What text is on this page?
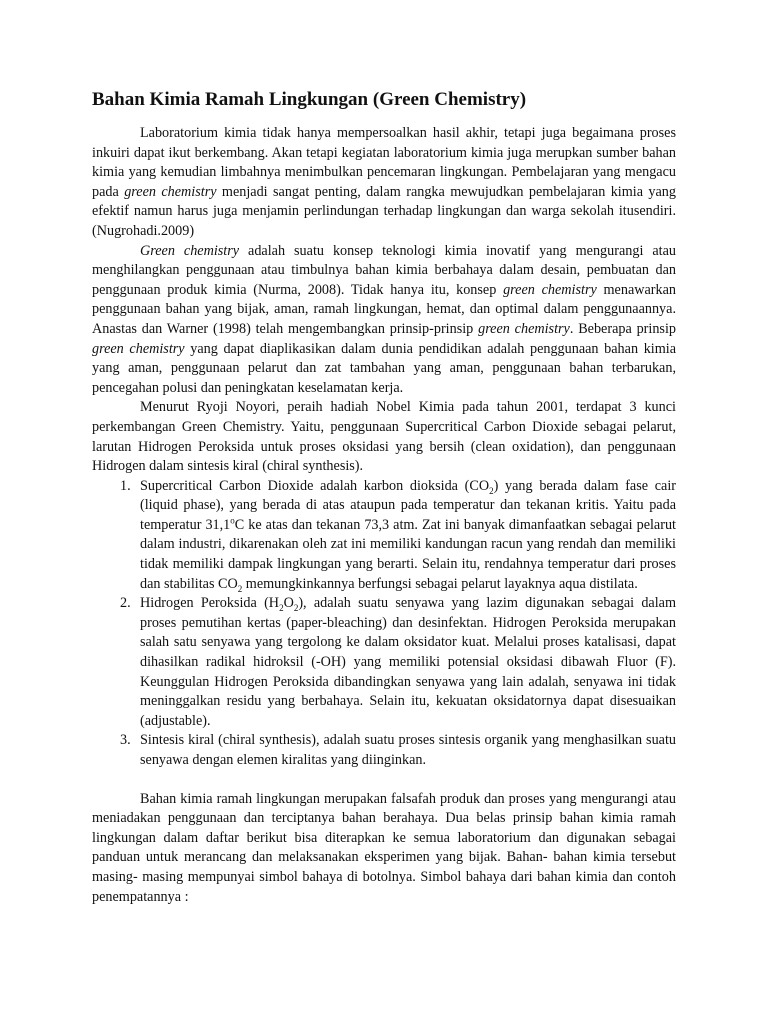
Bahan Kimia Ramah Lingkungan (Green Chemistry)

Laboratorium kimia tidak hanya mempersoalkan hasil akhir, tetapi juga begaimana proses inkuiri dapat ikut berkembang. Akan tetapi kegiatan laboratorium kimia juga merupkan sumber bahan kimia yang kemudian limbahnya menimbulkan pencemaran lingkungan. Pembelajaran yang mengacu pada green chemistry menjadi sangat penting, dalam rangka mewujudkan pembelajaran kimia yang efektif namun harus juga menjamin perlindungan terhadap lingkungan dan warga sekolah itusendiri. (Nugrohadi.2009)

Green chemistry adalah suatu konsep teknologi kimia inovatif yang mengurangi atau menghilangkan penggunaan atau timbulnya bahan kimia berbahaya dalam desain, pembuatan dan penggunaan produk kimia (Nurma, 2008). Tidak hanya itu, konsep green chemistry menawarkan penggunaan bahan yang bijak, aman, ramah lingkungan, hemat, dan optimal dalam penggunaannya. Anastas dan Warner (1998) telah mengembangkan prinsip-prinsip green chemistry. Beberapa prinsip green chemistry yang dapat diaplikasikan dalam dunia pendidikan adalah penggunaan bahan kimia yang aman, penggunaan pelarut dan zat tambahan yang aman, penggunaan bahan terbarukan, pencegahan polusi dan peningkatan keselamatan kerja.

Menurut Ryoji Noyori, peraih hadiah Nobel Kimia pada tahun 2001, terdapat 3 kunci perkembangan Green Chemistry. Yaitu, penggunaan Supercritical Carbon Dioxide sebagai pelarut, larutan Hidrogen Peroksida untuk proses oksidasi yang bersih (clean oxidation), dan penggunaan Hidrogen dalam sintesis kiral (chiral synthesis).

1. Supercritical Carbon Dioxide adalah karbon dioksida $(CO_2)$ yang berada dalam fase cair (liquid phase), yang berada di atas ataupun pada temperatur dan tekanan kritis. Yaitu pada temperatur 31,1$^o$C ke atas dan tekanan 73,3 atm. Zat ini banyak dimanfaatkan sebagai pelarut dalam industri, dikarenakan oleh zat ini memiliki kandungan racun yang rendah dan memiliki tidak memiliki dampak lingkungan yang berarti. Selain itu, rendahnya temperatur dari proses dan stabilitas $CO_2$ memungkinkannya berfungsi sebagai pelarut layaknya aqua distilata.
2. Hidrogen Peroksida $(H_2O_2)$, adalah suatu senyawa yang lazim digunakan sebagai dalam proses pemutihan kertas (paper-bleaching) dan desinfektan. Hidrogen Peroksida merupakan salah satu senyawa yang tergolong ke dalam oksidator kuat. Melalui proses katalisasi, dapat dihasilkan radikal hidroksil (-OH) yang memiliki potensial oksidasi dibawah Fluor (F). Keunggulan Hidrogen Peroksida dibandingkan senyawa yang lain adalah, senyawa ini tidak meninggalkan residu yang berbahaya. Selain itu, kekuatan oksidatornya dapat disesuaikan (adjustable).
3. Sintesis kiral (chiral synthesis), adalah suatu proses sintesis organik yang menghasilkan suatu senyawa dengan elemen kiralitas yang diinginkan.

Bahan kimia ramah lingkungan merupakan falsafah produk dan proses yang mengurangi atau meniadakan penggunaan dan terciptanya bahan berahaya. Dua belas prinsip bahan kimia ramah lingkungan dalam daftar berikut bisa diterapkan ke semua laboratorium dan digunakan sebagai panduan untuk merancang dan melaksanakan eksperimen yang bijak. Bahan- bahan kimia tersebut masing- masing mempunyai simbol bahaya di botolnya. Simbol bahaya dari bahan kimia dan contoh penempatannya :
